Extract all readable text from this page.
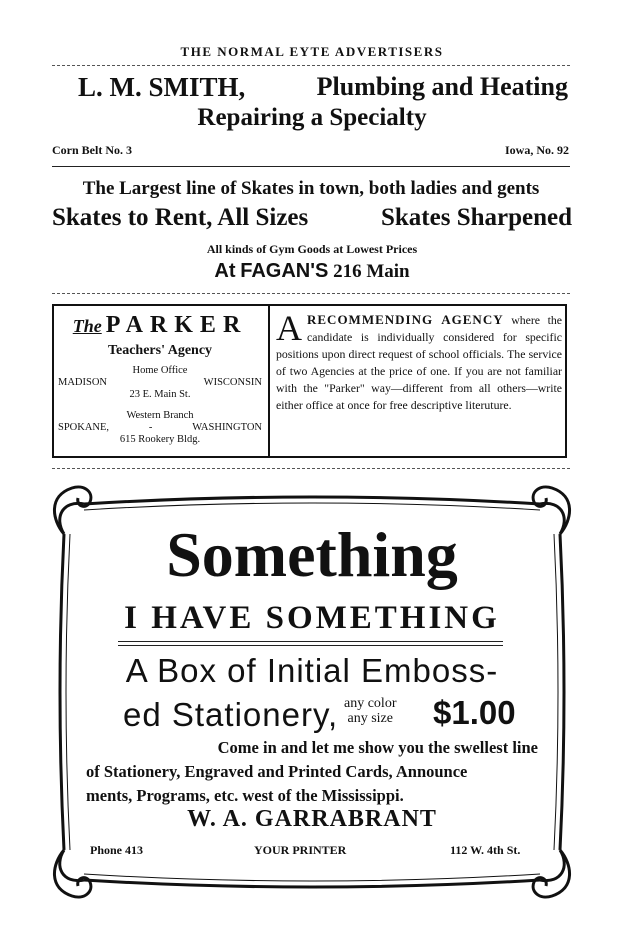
THE NORMAL EYTE ADVERTISERS
L. M. SMITH,	Plumbing and Heating
Repairing a Specialty
Corn Belt No. 3	Iowa, No. 92
The Largest line of Skates in town, both ladies and gents
Skates to Rent, All Sizes	Skates Sharpened
All kinds of Gym Goods at Lowest Prices
At FAGAN'S 216 Main
The PARKER
Teachers' Agency
Home Office
MADISON	WISCONSIN
23 E. Main St.
Western Branch
SPOKANE,	-	WASHINGTON
615 Rookery Bldg.
A RECOMMENDING AGENCY where the candidate is individually considered for specific positions upon direct request of school officials. The service of two Agencies at the price of one. If you are not familiar with the "Parker" way—different from all others—write either office at once for free descriptive literuture.
Something
I HAVE SOMETHING
A Box of Initial Emboss-
ed Stationery, any color
any size $1.00
Come in and let me show you the swellest line
of Stationery, Engraved and Printed Cards, Announce
ments, Programs, etc. west of the Mississippi.
W. A. GARRABRANT
Phone 413	YOUR PRINTER	112 W. 4th St.
